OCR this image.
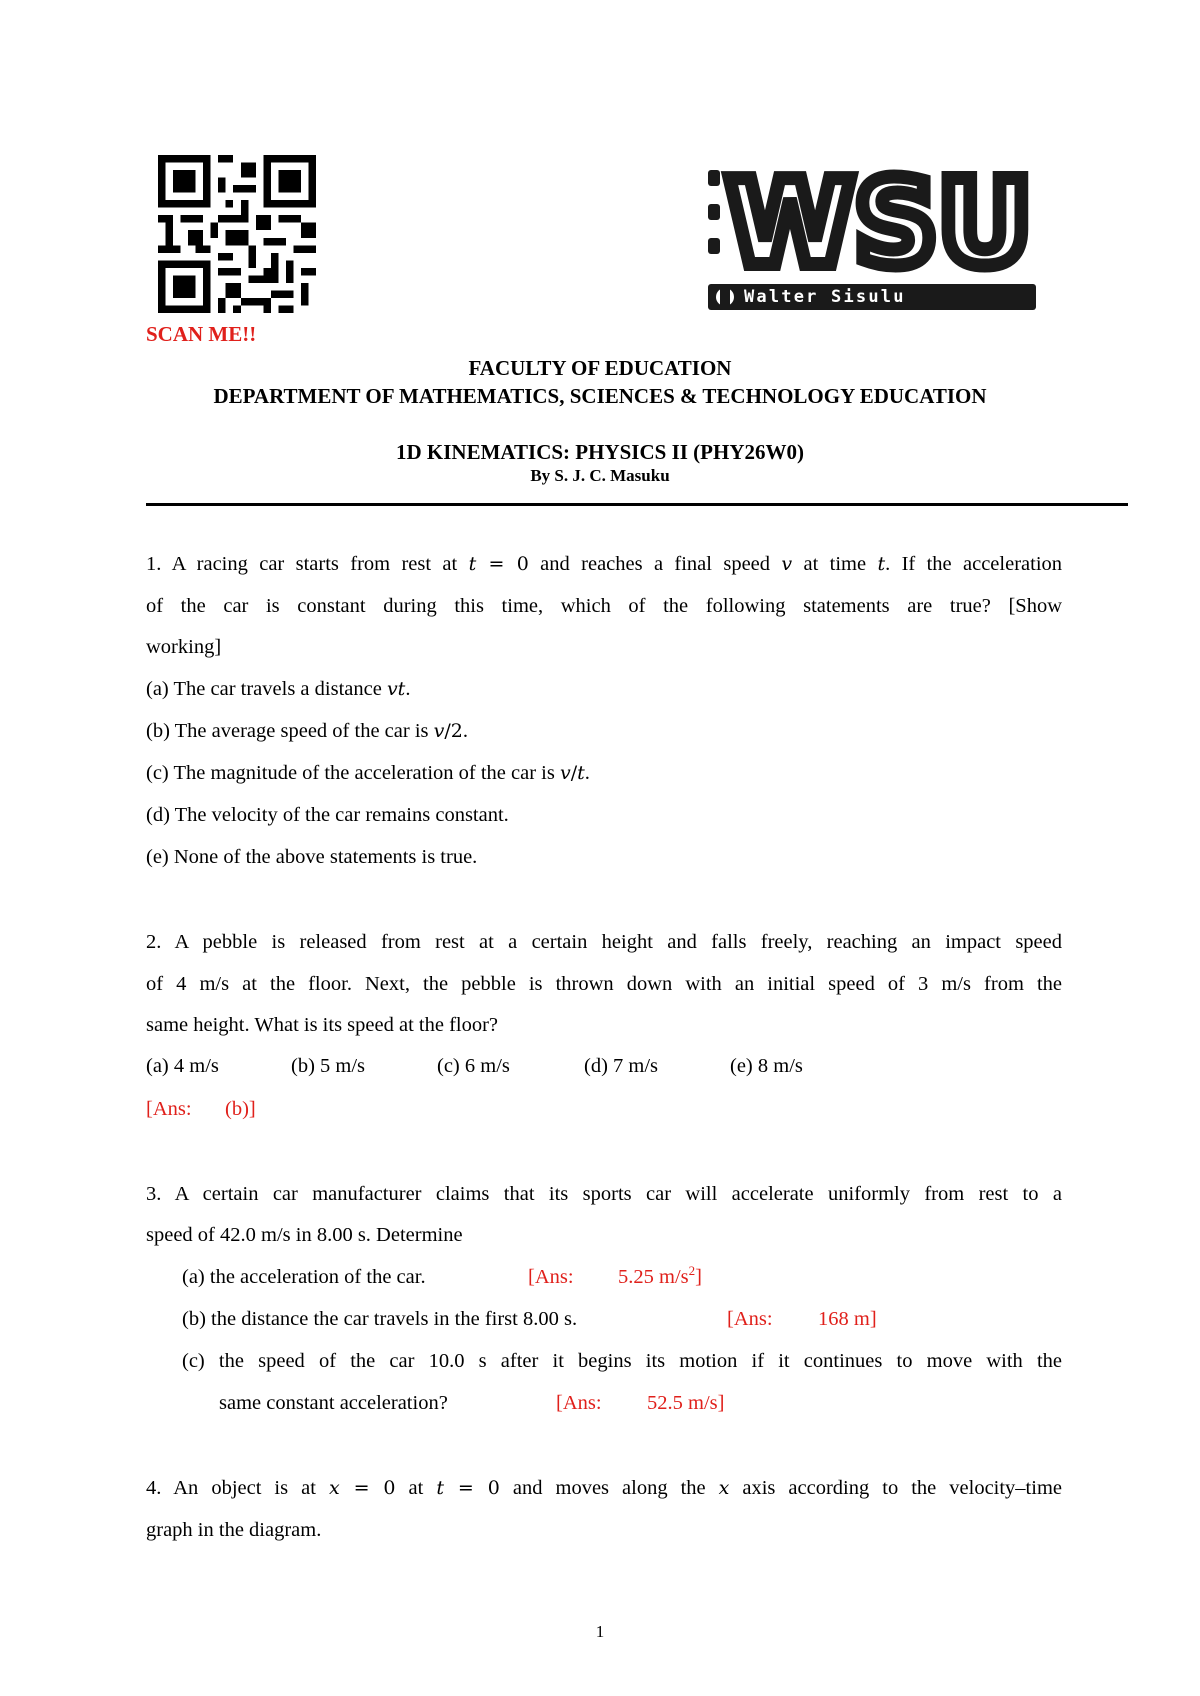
SCAN ME!!
WSU
Walter Sisulu University
FACULTY OF EDUCATION
DEPARTMENT OF MATHEMATICS, SCIENCES & TECHNOLOGY EDUCATION
1D KINEMATICS: PHYSICS II (PHY26W0)
By S. J. C. Masuku
1. A racing car starts from rest at t = 0 and reaches a final speed v at time t. If the acceleration
of the car is constant during this time, which of the following statements are true? [Show
working]
(a) The car travels a distance vt.
(b) The average speed of the car is v/2.
(c) The magnitude of the acceleration of the car is v/t.
(d) The velocity of the car remains constant.
(e) None of the above statements is true.
2. A pebble is released from rest at a certain height and falls freely, reaching an impact speed
of 4 m/s at the floor. Next, the pebble is thrown down with an initial speed of 3 m/s from the
same height. What is its speed at the floor?
(a) 4 m/s	(b) 5 m/s	(c) 6 m/s	(d) 7 m/s	(e) 8 m/s
[Ans: (b)]
3. A certain car manufacturer claims that its sports car will accelerate uniformly from rest to a
speed of 42.0 m/s in 8.00 s. Determine
(a) the acceleration of the car.	[Ans: 5.25 $m/s^2$]
(b) the distance the car travels in the first 8.00 s.	[Ans: 168 m]
(c) the speed of the car 10.0 s after it begins its motion if it continues to move with the
same constant acceleration?	[Ans: 52.5 m/s]
4. An object is at x = 0 at t = 0 and moves along the x axis according to the velocity–time
graph in the diagram.
1
